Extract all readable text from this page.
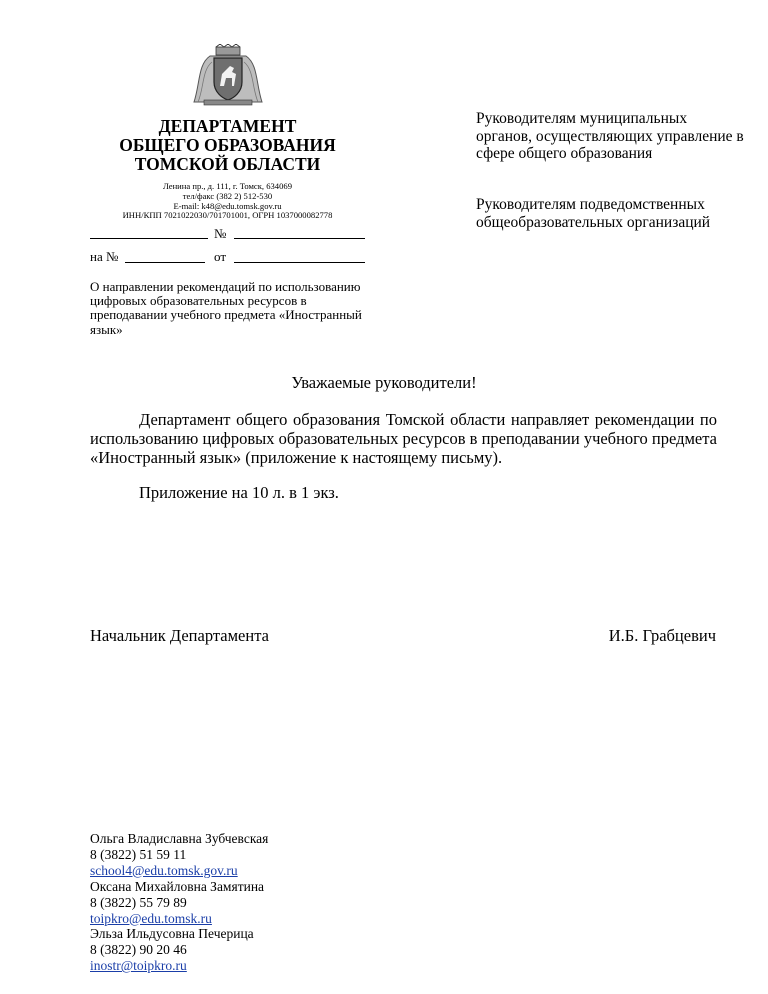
ДЕПАРТАМЕНТ
ОБЩЕГО ОБРАЗОВАНИЯ
ТОМСКОЙ ОБЛАСТИ
Ленина пр., д. 111, г. Томск, 634069
тел/факс (382 2) 512-530
E-mail: k48@edu.tomsk.gov.ru
ИНН/КПП 7021022030/701701001, ОГРН 1037000082778
№
на №	от
Руководителям муниципальных органов, осуществляющих управление в сфере общего образования
Руководителям подведомственных общеобразовательных организаций
О направлении рекомендаций по использованию цифровых образовательных ресурсов в преподавании учебного предмета «Иностранный язык»
Уважаемые руководители!
Департамент общего образования Томской области направляет рекомендации по использованию цифровых образовательных ресурсов в преподавании учебного предмета «Иностранный язык» (приложение к настоящему письму).
Приложение на 10 л. в 1 экз.
Начальник Департамента	И.Б. Грабцевич
Ольга Владиславна Зубчевская
8 (3822) 51 59 11
school4@edu.tomsk.gov.ru
Оксана Михайловна Замятина
8 (3822) 55 79 89
toipkro@edu.tomsk.ru
Эльза Ильдусовна Печерица
8 (3822) 90 20 46
inostr@toipkro.ru
